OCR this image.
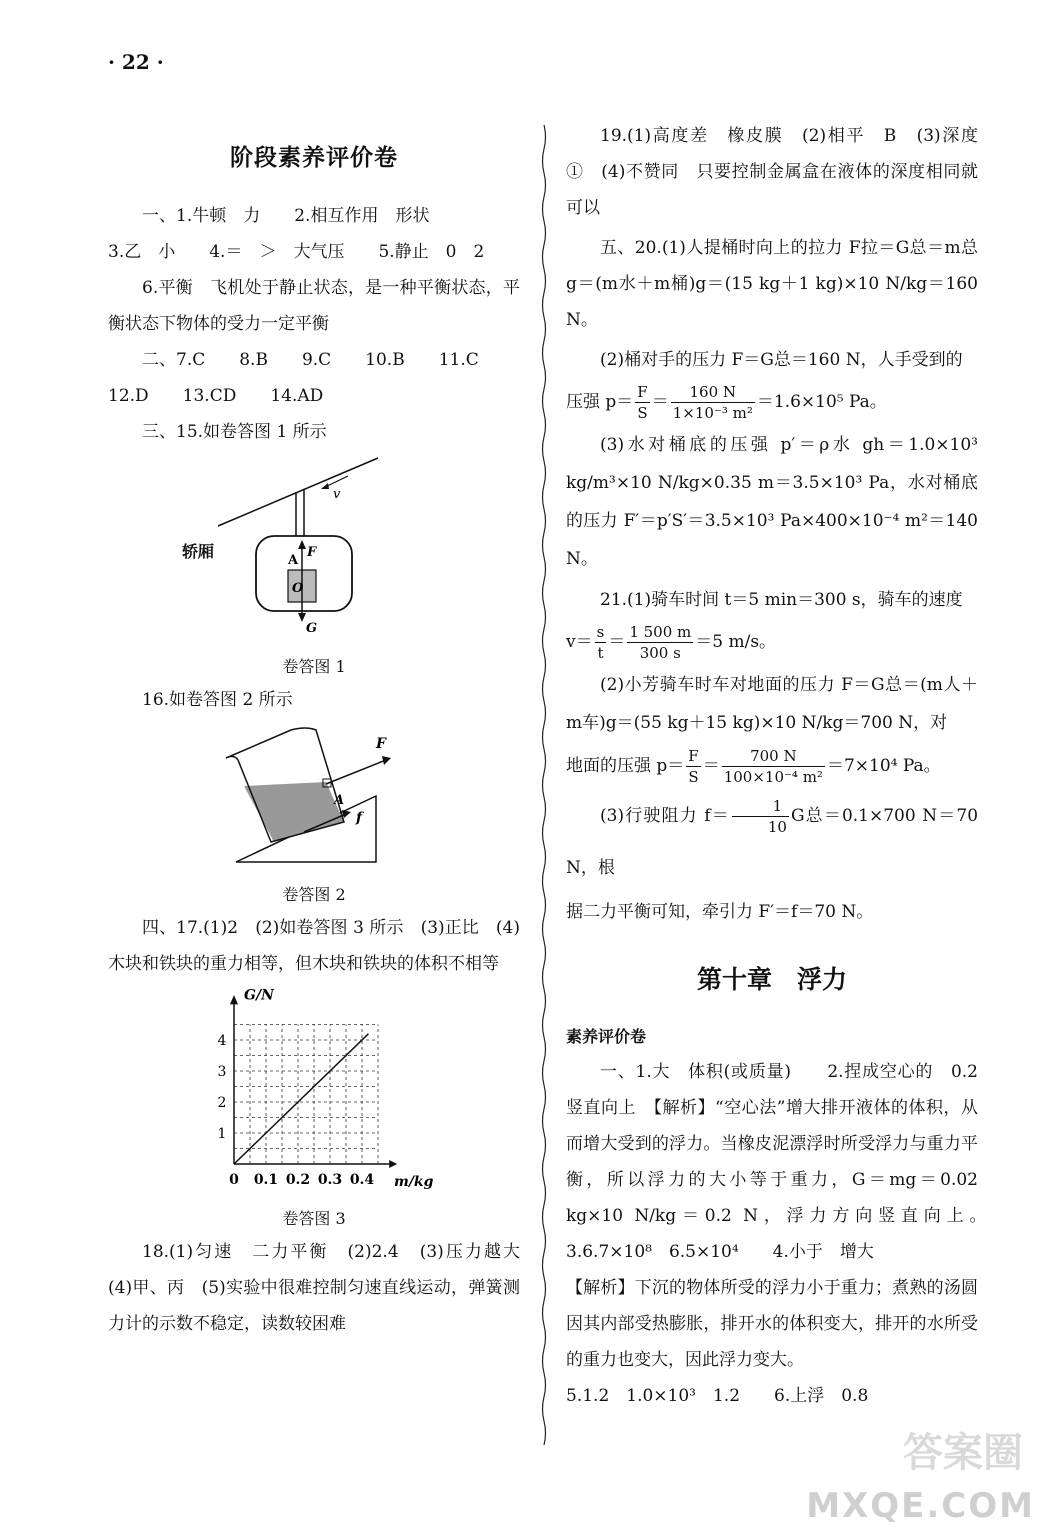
· 22 ·
阶段素养评价卷

一、1.牛顿　力　　2.相互作用　形状

3.乙　小　　4.＝　＞　大气压　　5.静止　0　2

6.平衡　飞机处于静止状态，是一种平衡状态，平衡状态下物体的受力一定平衡

二、7.C　　8.B　　9.C　　10.B　　11.C

12.D　　13.CD　　14.AD

三、15.如卷答图 1 所示

v
A
F
O
G
轿厢
卷答图 1

16.如卷答图 2 所示

F
A
f
卷答图 2

四、17.(1)2　(2)如卷答图 3 所示　(3)正比　(4)木块和铁块的重力相等，但木块和铁块的体积不相等

1
2
3
4
0 0.1 0.2 0.3 0.4
G/N
m/kg
卷答图 3

18.(1)匀速　二力平衡　(2)2.4　(3)压力越大　(4)甲、丙　(5)实验中很难控制匀速直线运动，弹簧测力计的示数不稳定，读数较困难

19.(1)高度差　橡皮膜　(2)相平　B　(3)深度　①　(4)不赞同　只要控制金属盒在液体的深度相同就可以

五、20.(1)人提桶时向上的拉力 F拉＝G总＝m总 g＝(m水＋m桶)g＝(15 kg＋1 kg)×10 N/kg＝160 N。

(2)桶对手的压力 F＝G总＝160 N，人手受到的

压强 $p= \frac{F}{S} = \frac{160 N}{\text{1×10⁻³ m²}} =1.6\times 10^5$ Pa。

(3)水对桶底的压强 p′＝ρ水 gh＝1.0×10³ kg/m³×10 N/kg×0.35 m＝3.5×10³ Pa，水对桶底的压力 F′＝p′S′＝3.5×10³ Pa×400×10⁻⁴ m²＝140 N。

21.(1)骑车时间 t＝5 min＝300 s，骑车的速度

$v= \frac{s}{t} = \frac{1 500 m}{300 s} =5$ m/s。

(2)小芳骑车时车对地面的压力 F＝G总＝(m人＋m车)g＝(55 kg＋15 kg)×10 N/kg＝700 N，对

地面的压强 $p= \frac{F}{S} = \frac{700 N}{\text{100×10⁻⁴ m²}} =7\times 10^4$ Pa。

(3)行驶阻力 $f= \frac{1}{10}$ G总＝0.1×700 N＝70 N，根

据二力平衡可知，牵引力 F′＝f＝70 N。

第十章　浮力
素养评价卷

一、1.大　体积(或质量)　　2.捏成空心的　0.2　竖直向上　【解析】“空心法”增大排开液体的体积，从而增大受到的浮力。当橡皮泥漂浮时所受浮力与重力平衡，所以浮力的大小等于重力，G＝mg＝0.02 kg×10 N/kg＝0.2 N，浮力方向竖直向上。　3.6.7×10⁸　6.5×10⁴　　4.小于　增大

【解析】下沉的物体所受的浮力小于重力；煮熟的汤圆因其内部受热膨胀，排开水的体积变大，排开的水所受的重力也变大，因此浮力变大。

5.1.2　1.0×10³　1.2　　6.上浮　0.8

答案圈
MXQE.COM
